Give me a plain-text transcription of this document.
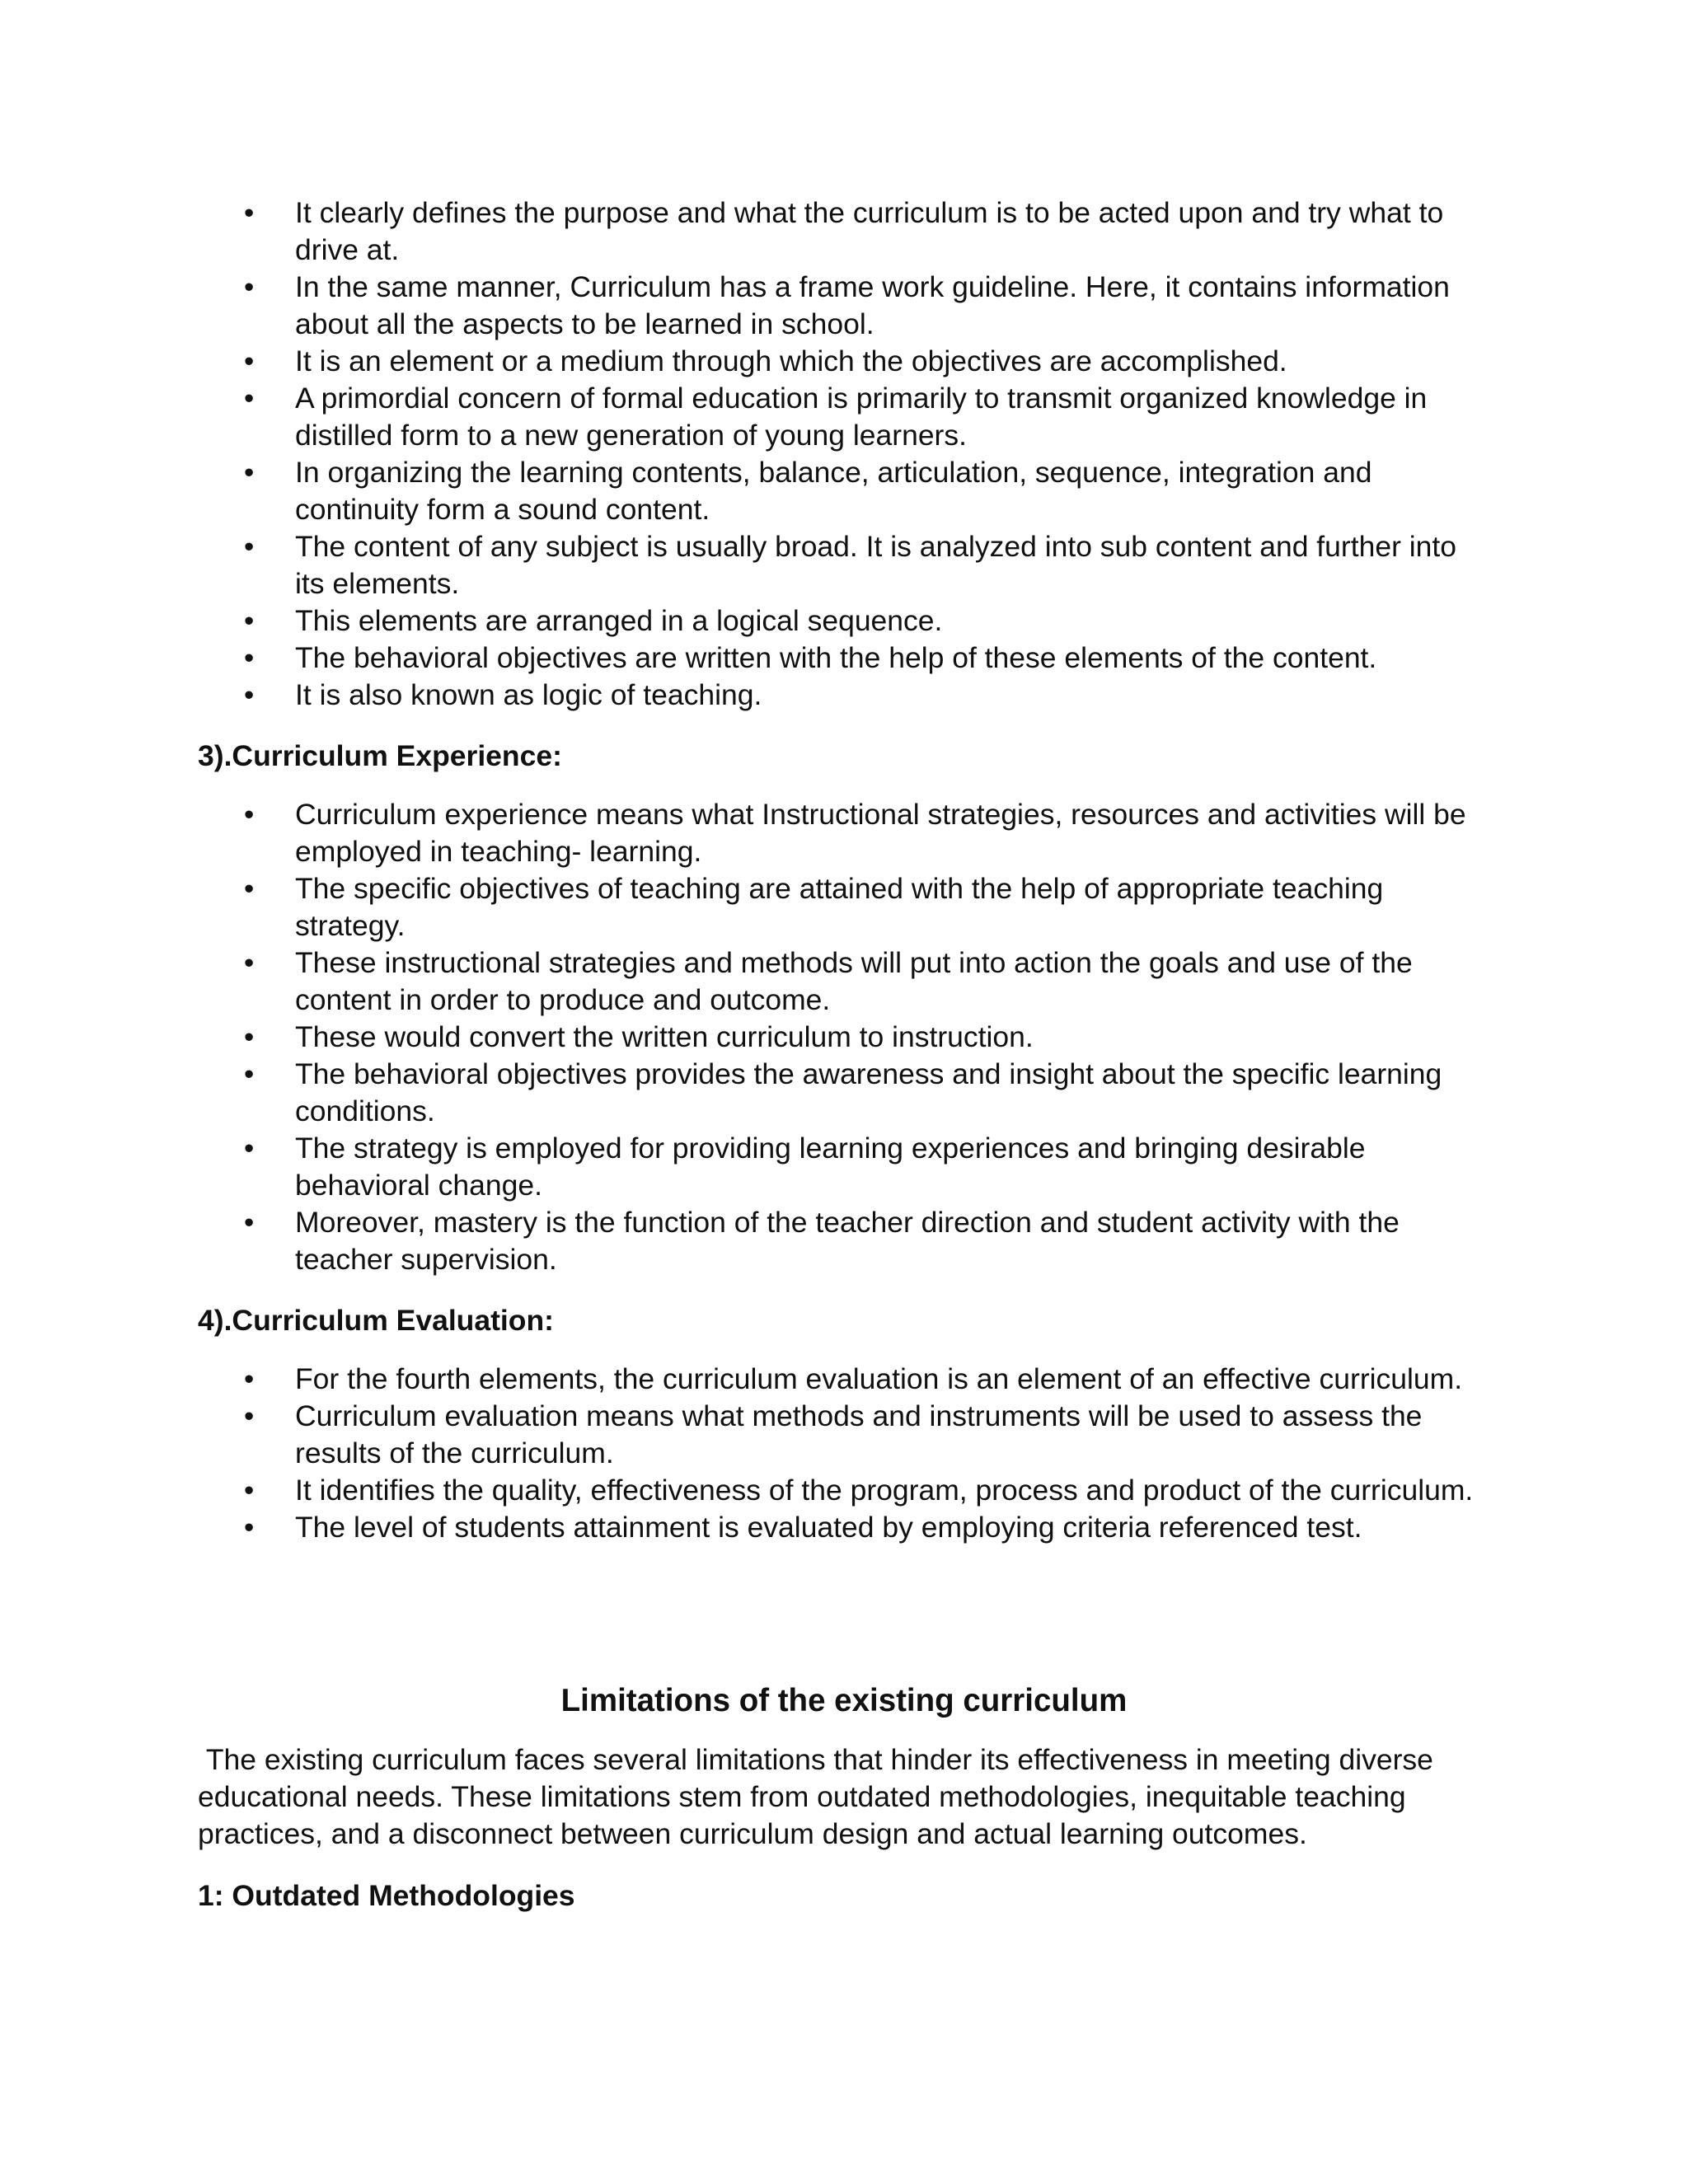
• It clearly defines the purpose and what the curriculum is to be acted upon and try what to drive at.
• In the same manner, Curriculum has a frame work guideline. Here, it contains information about all the aspects to be learned in school.
• It is an element or a medium through which the objectives are accomplished.
• A primordial concern of formal education is primarily to transmit organized knowledge in distilled form to a new generation of young learners.
• In organizing the learning contents, balance, articulation, sequence, integration and continuity form a sound content.
• The content of any subject is usually broad. It is analyzed into sub content and further into its elements.
• This elements are arranged in a logical sequence.
• The behavioral objectives are written with the help of these elements of the content.
• It is also known as logic of teaching.
3).Curriculum Experience:
• Curriculum experience means what Instructional strategies, resources and activities will be employed in teaching- learning.
• The specific objectives of teaching are attained with the help of appropriate teaching strategy.
• These instructional strategies and methods will put into action the goals and use of the content in order to produce and outcome.
• These would convert the written curriculum to instruction.
• The behavioral objectives provides the awareness and insight about the specific learning conditions.
• The strategy is employed for providing learning experiences and bringing desirable behavioral change.
• Moreover, mastery is the function of the teacher direction and student activity with the teacher supervision.
4).Curriculum Evaluation:
• For the fourth elements, the curriculum evaluation is an element of an effective curriculum.
• Curriculum evaluation means what methods and instruments will be used to assess the results of the curriculum.
• It identifies the quality, effectiveness of the program, process and product of the curriculum.
• The level of students attainment is evaluated by employing criteria referenced test.
Limitations of the existing curriculum

The existing curriculum faces several limitations that hinder its effectiveness in meeting diverse educational needs. These limitations stem from outdated methodologies, inequitable teaching practices, and a disconnect between curriculum design and actual learning outcomes.

1: Outdated Methodologies
